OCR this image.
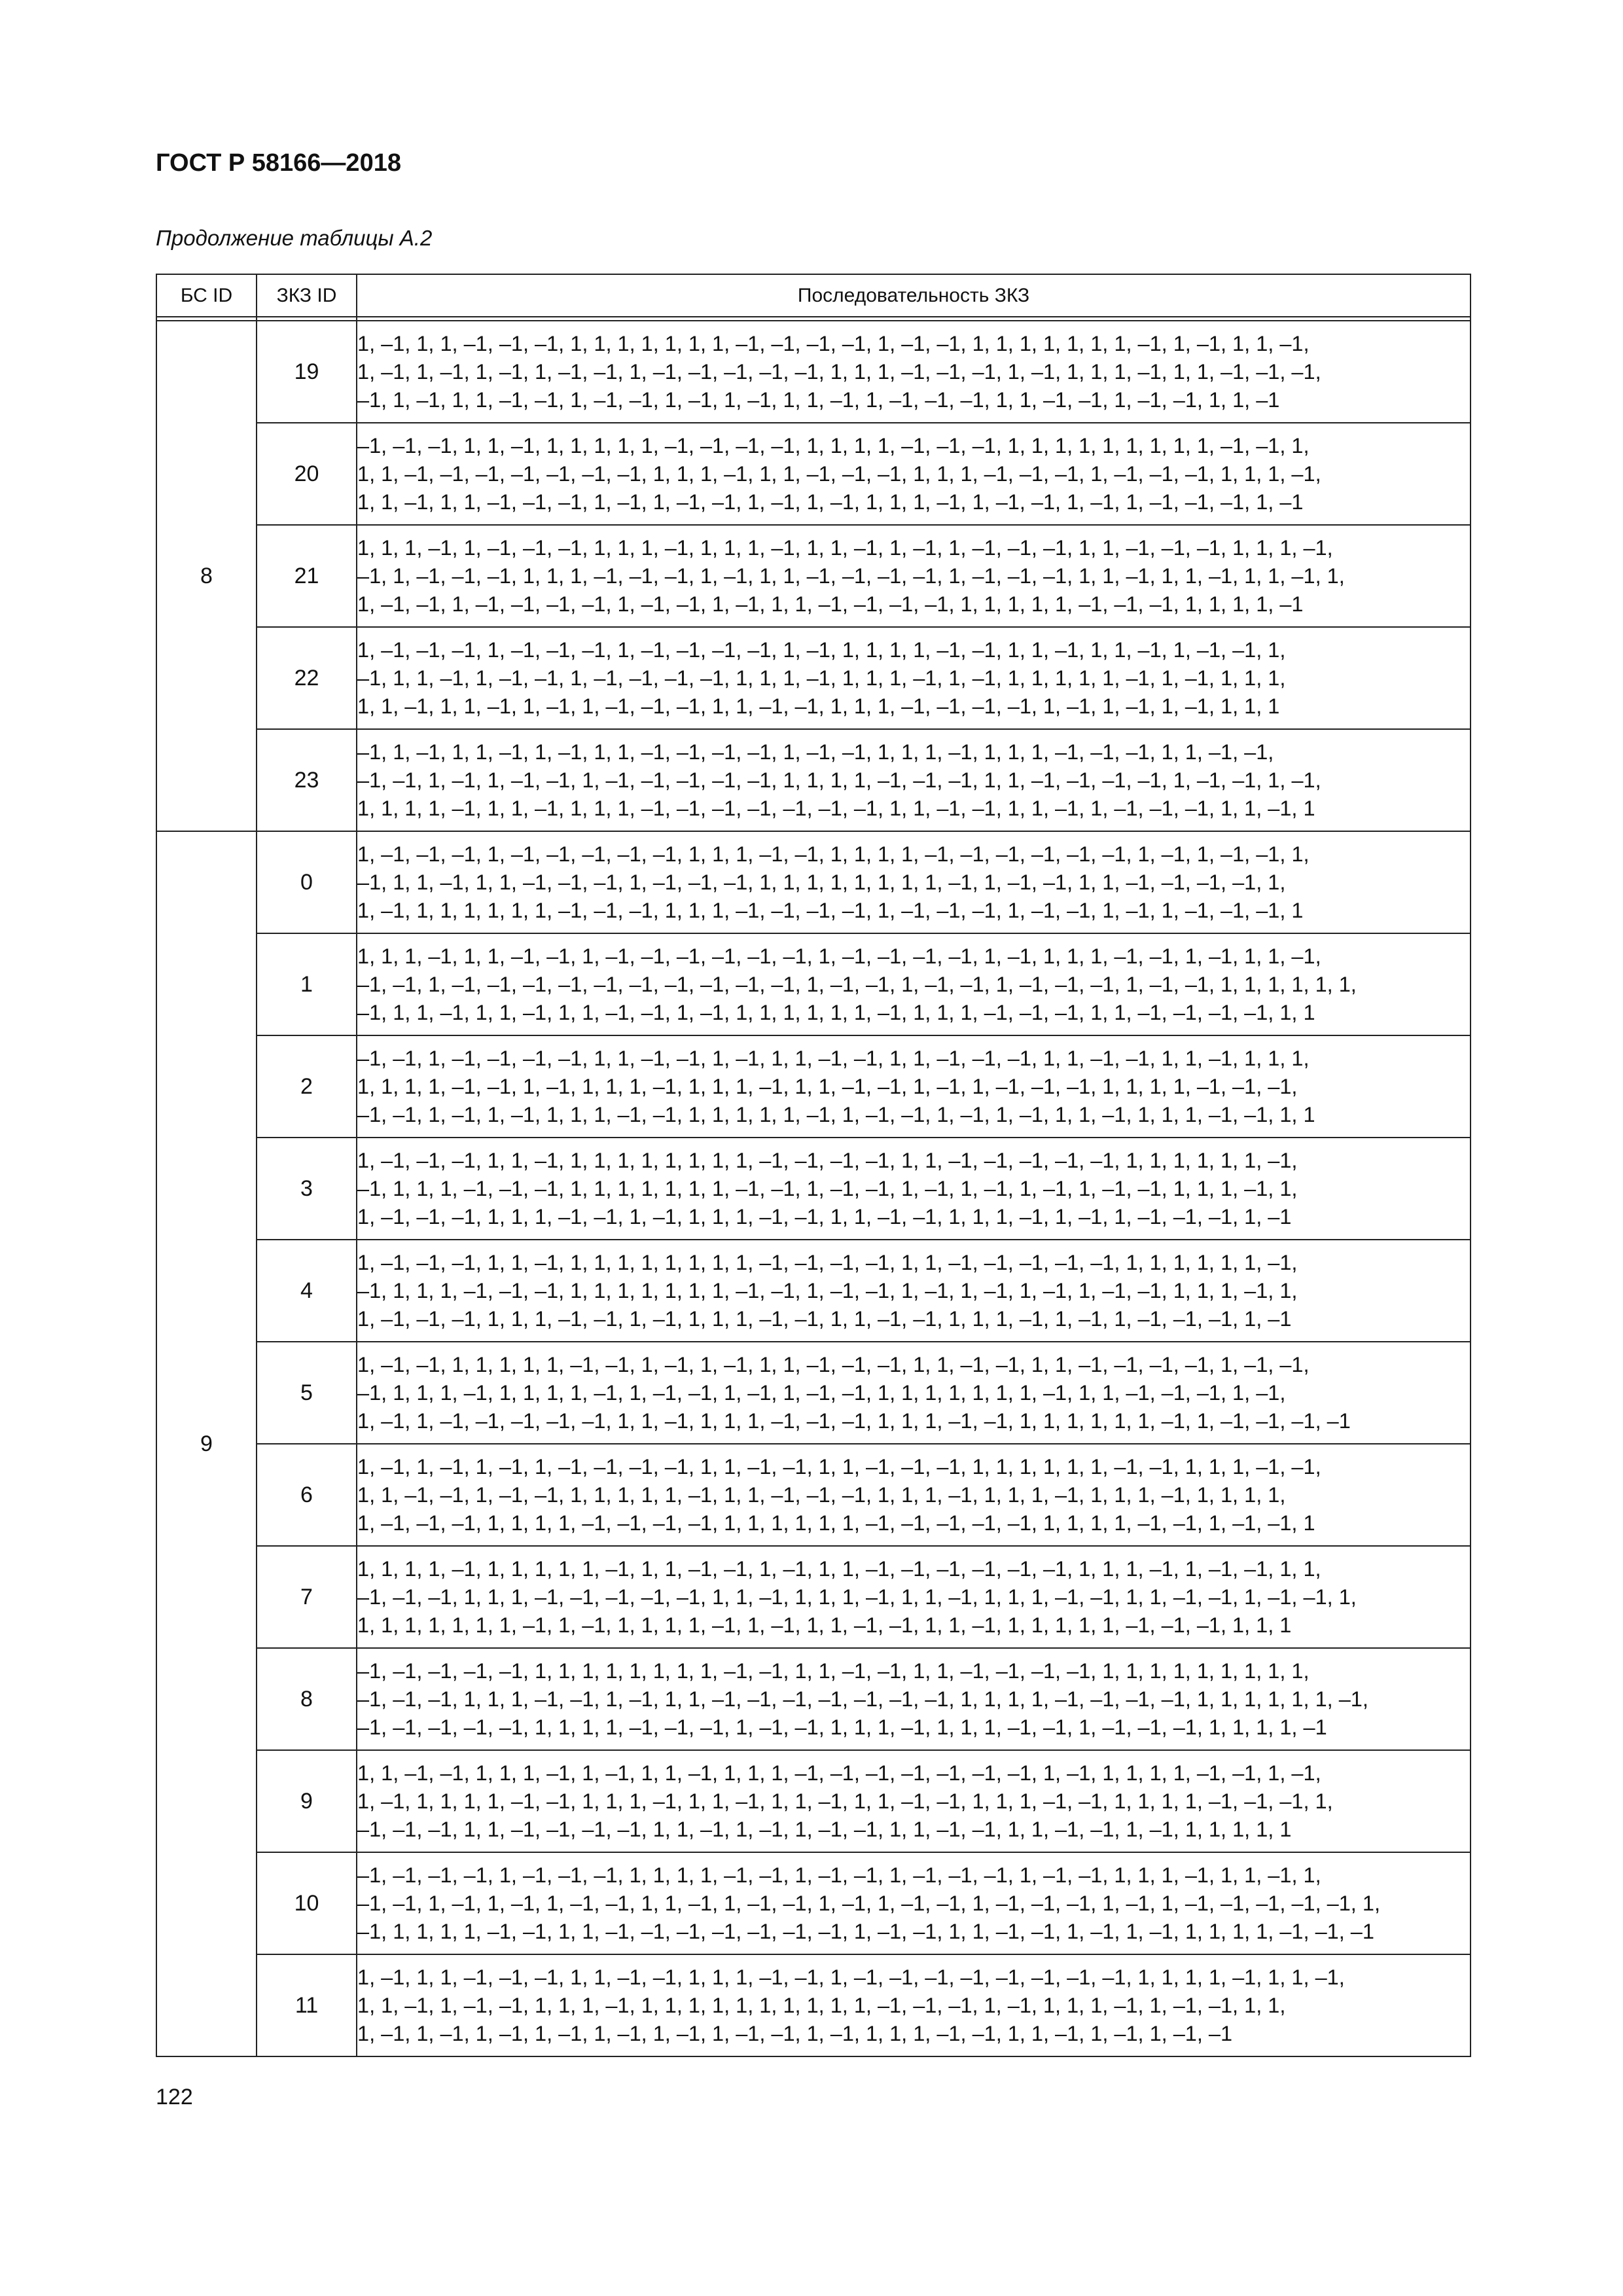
ГОСТ Р 58166—2018

Продолжение таблицы А.2

БС ID	ЗКЗ ID	Последовательность ЗКЗ

8	19	1, –1, 1, 1, –1, –1, –1, 1, 1, 1, 1, 1, 1, 1, –1, –1, –1, –1, 1, –1, –1, 1, 1, 1, 1, 1, 1, 1, –1, 1, –1, 1, 1, –1,
1, –1, 1, –1, 1, –1, 1, –1, –1, 1, –1, –1, –1, –1, –1, 1, 1, 1, –1, –1, –1, 1, –1, 1, 1, 1, –1, 1, 1, –1, –1, –1,
–1, 1, –1, 1, 1, –1, –1, 1, –1, –1, 1, –1, 1, –1, 1, 1, –1, 1, –1, –1, –1, 1, 1, –1, –1, 1, –1, –1, 1, 1, –1

	20	–1, –1, –1, 1, 1, –1, 1, 1, 1, 1, 1, –1, –1, –1, –1, 1, 1, 1, 1, –1, –1, –1, 1, 1, 1, 1, 1, 1, 1, 1, 1, –1, –1, 1,
1, 1, –1, –1, –1, –1, –1, –1, –1, 1, 1, 1, –1, 1, 1, –1, –1, –1, 1, 1, 1, –1, –1, –1, 1, –1, –1, –1, 1, 1, 1, –1,
1, 1, –1, 1, 1, –1, –1, –1, 1, –1, 1, –1, –1, 1, –1, 1, –1, 1, 1, 1, –1, 1, –1, –1, 1, –1, 1, –1, –1, –1, 1, –1

	21	1, 1, 1, –1, 1, –1, –1, –1, 1, 1, 1, –1, 1, 1, 1, –1, 1, 1, –1, 1, –1, 1, –1, –1, –1, 1, 1, –1, –1, –1, 1, 1, 1, –1,
–1, 1, –1, –1, –1, 1, 1, 1, –1, –1, –1, 1, –1, 1, 1, –1, –1, –1, –1, 1, –1, –1, –1, 1, 1, –1, 1, 1, –1, 1, 1, –1, 1,
1, –1, –1, 1, –1, –1, –1, –1, 1, –1, –1, 1, –1, 1, 1, –1, –1, –1, –1, 1, 1, 1, 1, 1, –1, –1, –1, 1, 1, 1, 1, –1

	22	1, –1, –1, –1, 1, –1, –1, –1, 1, –1, –1, –1, –1, 1, –1, 1, 1, 1, 1, –1, –1, 1, 1, –1, 1, 1, –1, 1, –1, –1, 1,
–1, 1, 1, –1, 1, –1, –1, 1, –1, –1, –1, –1, 1, 1, 1, –1, 1, 1, 1, –1, 1, –1, 1, 1, 1, 1, 1, –1, 1, –1, 1, 1, 1,
1, 1, –1, 1, 1, –1, 1, –1, 1, –1, –1, –1, 1, 1, –1, –1, 1, 1, 1, –1, –1, –1, –1, 1, –1, 1, –1, 1, –1, 1, 1, 1

	23	–1, 1, –1, 1, 1, –1, 1, –1, 1, 1, –1, –1, –1, –1, 1, –1, –1, 1, 1, 1, –1, 1, 1, 1, –1, –1, –1, 1, 1, –1, –1,
–1, –1, 1, –1, 1, –1, –1, 1, –1, –1, –1, –1, –1, 1, 1, 1, 1, –1, –1, –1, 1, 1, –1, –1, –1, –1, 1, –1, –1, 1, –1,
1, 1, 1, 1, –1, 1, 1, –1, 1, 1, 1, –1, –1, –1, –1, –1, –1, –1, 1, 1, –1, –1, 1, 1, –1, 1, –1, –1, –1, 1, 1, –1, 1

9	0	1, –1, –1, –1, 1, –1, –1, –1, –1, –1, 1, 1, 1, –1, –1, 1, 1, 1, 1, –1, –1, –1, –1, –1, –1, 1, –1, 1, –1, –1, 1,
–1, 1, 1, –1, 1, 1, –1, –1, –1, 1, –1, –1, –1, 1, 1, 1, 1, 1, 1, 1, 1, –1, 1, –1, –1, 1, 1, –1, –1, –1, –1, 1,
1, –1, 1, 1, 1, 1, 1, 1, –1, –1, –1, 1, 1, 1, –1, –1, –1, –1, 1, –1, –1, –1, 1, –1, –1, 1, –1, 1, –1, –1, –1, 1

	1	1, 1, 1, –1, 1, 1, –1, –1, 1, –1, –1, –1, –1, –1, –1, 1, –1, –1, –1, –1, 1, –1, 1, 1, 1, –1, –1, 1, –1, 1, 1, –1,
–1, –1, 1, –1, –1, –1, –1, –1, –1, –1, –1, –1, –1, 1, –1, –1, 1, –1, –1, 1, –1, –1, –1, 1, –1, –1, 1, 1, 1, 1, 1, 1,
–1, 1, 1, –1, 1, 1, –1, 1, 1, –1, –1, 1, –1, 1, 1, 1, 1, 1, 1, –1, 1, 1, 1, –1, –1, –1, 1, 1, –1, –1, –1, –1, 1, 1

	2	–1, –1, 1, –1, –1, –1, –1, 1, 1, –1, –1, 1, –1, 1, 1, –1, –1, 1, 1, –1, –1, –1, 1, 1, –1, –1, 1, 1, –1, 1, 1, 1,
1, 1, 1, 1, –1, –1, 1, –1, 1, 1, 1, –1, 1, 1, 1, –1, 1, 1, –1, –1, 1, –1, 1, –1, –1, –1, 1, 1, 1, 1, –1, –1, –1,
–1, –1, 1, –1, 1, –1, 1, 1, 1, –1, –1, 1, 1, 1, 1, 1, –1, 1, –1, –1, 1, –1, 1, –1, 1, 1, –1, 1, 1, 1, –1, –1, 1, 1

	3	1, –1, –1, –1, 1, 1, –1, 1, 1, 1, 1, 1, 1, 1, 1, –1, –1, –1, –1, 1, 1, –1, –1, –1, –1, –1, 1, 1, 1, 1, 1, 1, –1,
–1, 1, 1, 1, –1, –1, –1, 1, 1, 1, 1, 1, 1, 1, –1, –1, 1, –1, –1, 1, –1, 1, –1, 1, –1, 1, –1, –1, 1, 1, 1, –1, 1,
1, –1, –1, –1, 1, 1, 1, –1, –1, 1, –1, 1, 1, 1, –1, –1, 1, 1, –1, –1, 1, 1, 1, –1, 1, –1, 1, –1, –1, –1, 1, –1

	4	1, –1, –1, –1, 1, 1, –1, 1, 1, 1, 1, 1, 1, 1, 1, –1, –1, –1, –1, 1, 1, –1, –1, –1, –1, –1, 1, 1, 1, 1, 1, 1, –1,
–1, 1, 1, 1, –1, –1, –1, 1, 1, 1, 1, 1, 1, 1, –1, –1, 1, –1, –1, 1, –1, 1, –1, 1, –1, 1, –1, –1, 1, 1, 1, –1, 1,
1, –1, –1, –1, 1, 1, 1, –1, –1, 1, –1, 1, 1, 1, –1, –1, 1, 1, –1, –1, 1, 1, 1, –1, 1, –1, 1, –1, –1, –1, 1, –1

	5	1, –1, –1, 1, 1, 1, 1, 1, –1, –1, 1, –1, 1, –1, 1, 1, –1, –1, –1, 1, 1, –1, –1, 1, 1, –1, –1, –1, –1, 1, –1, –1,
–1, 1, 1, 1, –1, 1, 1, 1, 1, –1, 1, –1, –1, 1, –1, 1, –1, –1, 1, 1, 1, 1, 1, 1, 1, –1, 1, 1, –1, –1, –1, 1, –1,
1, –1, 1, –1, –1, –1, –1, –1, 1, 1, –1, 1, 1, 1, –1, –1, –1, 1, 1, 1, –1, –1, 1, 1, 1, 1, 1, 1, –1, 1, –1, –1, –1, –1

	6	1, –1, 1, –1, 1, –1, 1, –1, –1, –1, –1, 1, 1, –1, –1, 1, 1, –1, –1, –1, 1, 1, 1, 1, 1, 1, –1, –1, 1, 1, 1, –1, –1,
1, 1, –1, –1, 1, –1, –1, 1, 1, 1, 1, 1, –1, 1, 1, –1, –1, –1, 1, 1, 1, –1, 1, 1, 1, –1, 1, 1, 1, –1, 1, 1, 1, 1,
1, –1, –1, –1, 1, 1, 1, 1, –1, –1, –1, –1, 1, 1, 1, 1, 1, 1, –1, –1, –1, –1, –1, 1, 1, 1, 1, –1, –1, 1, –1, –1, 1

	7	1, 1, 1, 1, –1, 1, 1, 1, 1, 1, –1, 1, 1, –1, –1, 1, –1, 1, 1, –1, –1, –1, –1, –1, –1, 1, 1, 1, –1, 1, –1, –1, 1, 1,
–1, –1, –1, 1, 1, 1, –1, –1, –1, –1, –1, 1, 1, –1, 1, 1, 1, –1, 1, 1, –1, 1, 1, 1, –1, –1, 1, 1, –1, –1, 1, –1, –1, 1,
1, 1, 1, 1, 1, 1, 1, –1, 1, –1, 1, 1, 1, 1, –1, 1, –1, 1, 1, –1, –1, 1, 1, –1, 1, 1, 1, 1, 1, –1, –1, –1, 1, 1, 1

	8	–1, –1, –1, –1, –1, 1, 1, 1, 1, 1, 1, 1, 1, –1, –1, 1, 1, –1, –1, 1, 1, –1, –1, –1, –1, 1, 1, 1, 1, 1, 1, 1, 1, 1,
–1, –1, –1, 1, 1, 1, –1, –1, 1, –1, 1, 1, –1, –1, –1, –1, –1, –1, –1, 1, 1, 1, 1, –1, –1, –1, –1, 1, 1, 1, 1, 1, 1, –1,
–1, –1, –1, –1, –1, 1, 1, 1, 1, –1, –1, –1, 1, –1, –1, 1, 1, 1, –1, 1, 1, 1, –1, –1, 1, –1, –1, –1, 1, 1, 1, 1, –1

	9	1, 1, –1, –1, 1, 1, 1, –1, 1, –1, 1, 1, –1, 1, 1, 1, –1, –1, –1, –1, –1, –1, –1, 1, –1, 1, 1, 1, 1, –1, –1, 1, –1,
1, –1, 1, 1, 1, 1, –1, –1, 1, 1, 1, –1, 1, 1, –1, 1, 1, –1, 1, 1, –1, –1, 1, 1, 1, –1, –1, 1, 1, 1, 1, –1, –1, –1, 1,
–1, –1, –1, 1, 1, –1, –1, –1, –1, 1, 1, –1, 1, –1, 1, –1, –1, 1, 1, –1, –1, 1, 1, –1, –1, 1, –1, 1, 1, 1, 1, 1

	10	–1, –1, –1, –1, 1, –1, –1, –1, 1, 1, 1, 1, –1, –1, 1, –1, –1, 1, –1, –1, –1, 1, –1, –1, 1, 1, 1, –1, 1, 1, –1, 1,
–1, –1, 1, –1, 1, –1, 1, –1, –1, 1, 1, –1, 1, –1, –1, 1, –1, 1, –1, –1, 1, –1, –1, –1, 1, –1, 1, –1, –1, –1, –1, –1, 1,
–1, 1, 1, 1, 1, –1, –1, 1, 1, –1, –1, –1, –1, –1, –1, –1, 1, –1, –1, 1, 1, –1, –1, 1, –1, 1, –1, 1, 1, 1, 1, –1, –1, –1

	11	1, –1, 1, 1, –1, –1, –1, 1, 1, –1, –1, 1, 1, 1, –1, –1, 1, –1, –1, –1, –1, –1, –1, –1, –1, 1, 1, 1, 1, –1, 1, 1, –1,
1, 1, –1, 1, –1, –1, 1, 1, 1, –1, 1, 1, 1, 1, 1, 1, 1, 1, 1, 1, –1, –1, –1, 1, –1, 1, 1, 1, –1, 1, –1, –1, 1, 1,
1, –1, 1, –1, 1, –1, 1, –1, 1, –1, 1, –1, 1, –1, –1, 1, –1, 1, 1, 1, –1, –1, 1, 1, –1, 1, –1, 1, –1, –1

122
